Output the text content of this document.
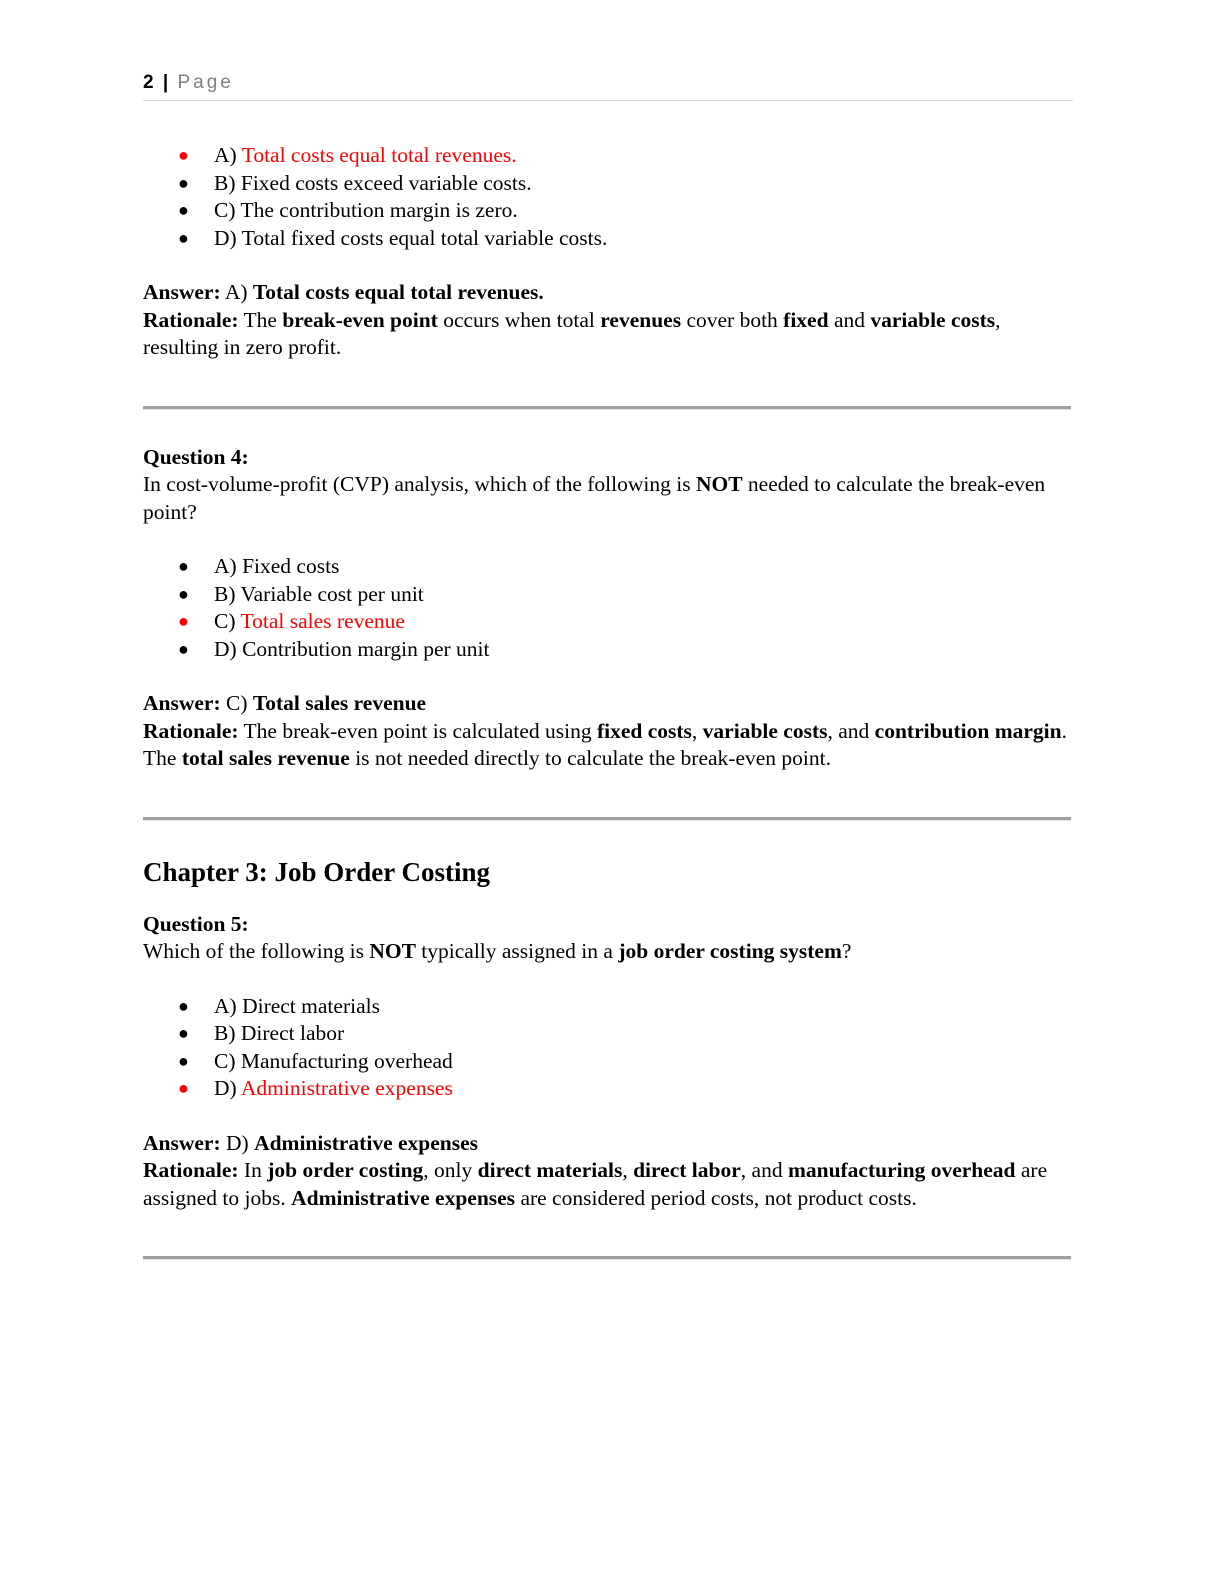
2 | Page
● A) Total costs equal total revenues.
● B) Fixed costs exceed variable costs.
● C) The contribution margin is zero.
● D) Total fixed costs equal total variable costs.

Answer: A) Total costs equal total revenues.

Rationale: The break-even point occurs when total revenues cover both fixed and variable costs, resulting in zero profit.

Question 4:

In cost-volume-profit (CVP) analysis, which of the following is NOT needed to calculate the break-even point?

● A) Fixed costs
● B) Variable cost per unit
● C) Total sales revenue
● D) Contribution margin per unit

Answer: C) Total sales revenue

Rationale: The break-even point is calculated using fixed costs, variable costs, and contribution margin. The total sales revenue is not needed directly to calculate the break-even point.

Chapter 3: Job Order Costing

Question 5:

Which of the following is NOT typically assigned in a job order costing system?

● A) Direct materials
● B) Direct labor
● C) Manufacturing overhead
● D) Administrative expenses

Answer: D) Administrative expenses

Rationale: In job order costing, only direct materials, direct labor, and manufacturing overhead are assigned to jobs. Administrative expenses are considered period costs, not product costs.
